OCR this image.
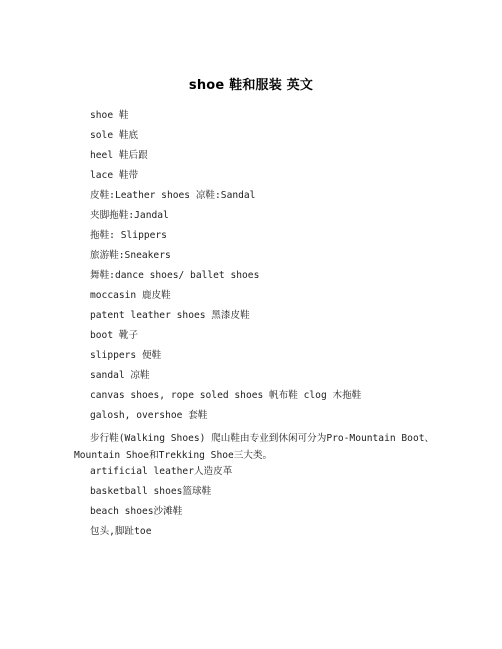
shoe 鞋和服装 英文
shoe 鞋
sole 鞋底
heel 鞋后跟
lace 鞋带
皮鞋:Leather shoes 凉鞋:Sandal
夹脚拖鞋:Jandal
拖鞋: Slippers
旅游鞋:Sneakers
舞鞋:dance shoes/ ballet shoes
moccasin 鹿皮鞋
patent leather shoes 黑漆皮鞋
boot 靴子
slippers 便鞋
sandal 凉鞋
canvas shoes, rope soled shoes 帆布鞋 clog 木拖鞋
galosh, overshoe 套鞋
步行鞋(Walking Shoes) 爬山鞋由专业到休闲可分为Pro-Mountain Boot、Mountain Shoe和Trekking Shoe三大类。
artificial leather人造皮革
basketball shoes篮球鞋
beach shoes沙滩鞋
包头,脚趾toe
